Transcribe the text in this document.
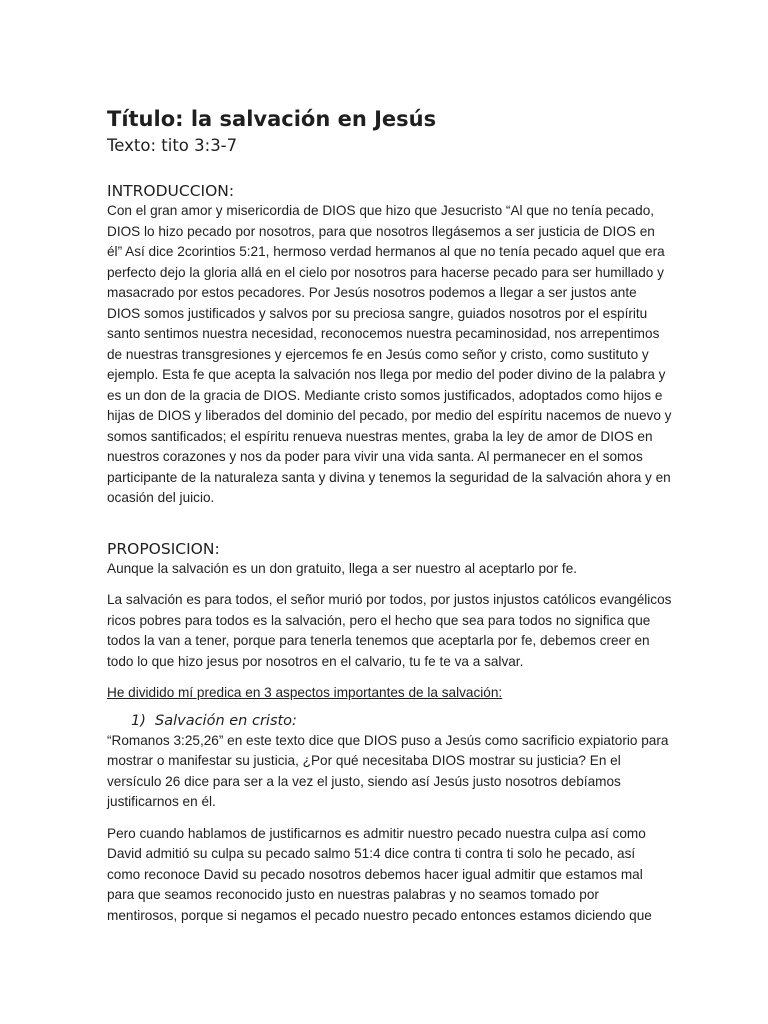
Título: la salvación en Jesús
Texto: tito 3:3-7
INTRODUCCION:

Con el gran amor y misericordia de DIOS que hizo que Jesucristo “Al que no tenía pecado, DIOS lo hizo pecado por nosotros, para que nosotros llegásemos a ser justicia de DIOS en él” Así dice 2corintios 5:21, hermoso verdad hermanos al que no tenía pecado aquel que era perfecto dejo la gloria allá en el cielo por nosotros para hacerse pecado para ser humillado y masacrado por estos pecadores. Por Jesús nosotros podemos a llegar a ser justos ante DIOS somos justificados y salvos por su preciosa sangre, guiados nosotros por el espíritu santo sentimos nuestra necesidad, reconocemos nuestra pecaminosidad, nos arrepentimos de nuestras transgresiones y ejercemos fe en Jesús como señor y cristo, como sustituto y ejemplo. Esta fe que acepta la salvación nos llega por medio del poder divino de la palabra y es un don de la gracia de DIOS. Mediante cristo somos justificados, adoptados como hijos e hijas de DIOS y liberados del dominio del pecado, por medio del espíritu nacemos de nuevo y somos santificados; el espíritu renueva nuestras mentes, graba la ley de amor de DIOS en nuestros corazones y nos da poder para vivir una vida santa. Al permanecer en el somos participante de la naturaleza santa y divina y tenemos la seguridad de la salvación ahora y en ocasión del juicio.

PROPOSICION:

Aunque la salvación es un don gratuito, llega a ser nuestro al aceptarlo por fe.

La salvación es para todos, el señor murió por todos, por justos injustos católicos evangélicos ricos pobres para todos es la salvación, pero el hecho que sea para todos no significa que todos la van a tener, porque para tenerla tenemos que aceptarla por fe, debemos creer en todo lo que hizo jesus por nosotros en el calvario, tu fe te va a salvar.

He dividido mí predica en 3 aspectos importantes de la salvación:

1) Salvación en cristo:

“Romanos 3:25,26” en este texto dice que DIOS puso a Jesús como sacrificio expiatorio para mostrar o manifestar su justicia, ¿Por qué necesitaba DIOS mostrar su justicia? En el versículo 26 dice para ser a la vez el justo, siendo así Jesús justo nosotros debíamos justificarnos en él.

Pero cuando hablamos de justificarnos es admitir nuestro pecado nuestra culpa así como David admitió su culpa su pecado salmo 51:4 dice contra ti contra ti solo he pecado, así como reconoce David su pecado nosotros debemos hacer igual admitir que estamos mal para que seamos reconocido justo en nuestras palabras y no seamos tomado por mentirosos, porque si negamos el pecado nuestro pecado entonces estamos diciendo que
